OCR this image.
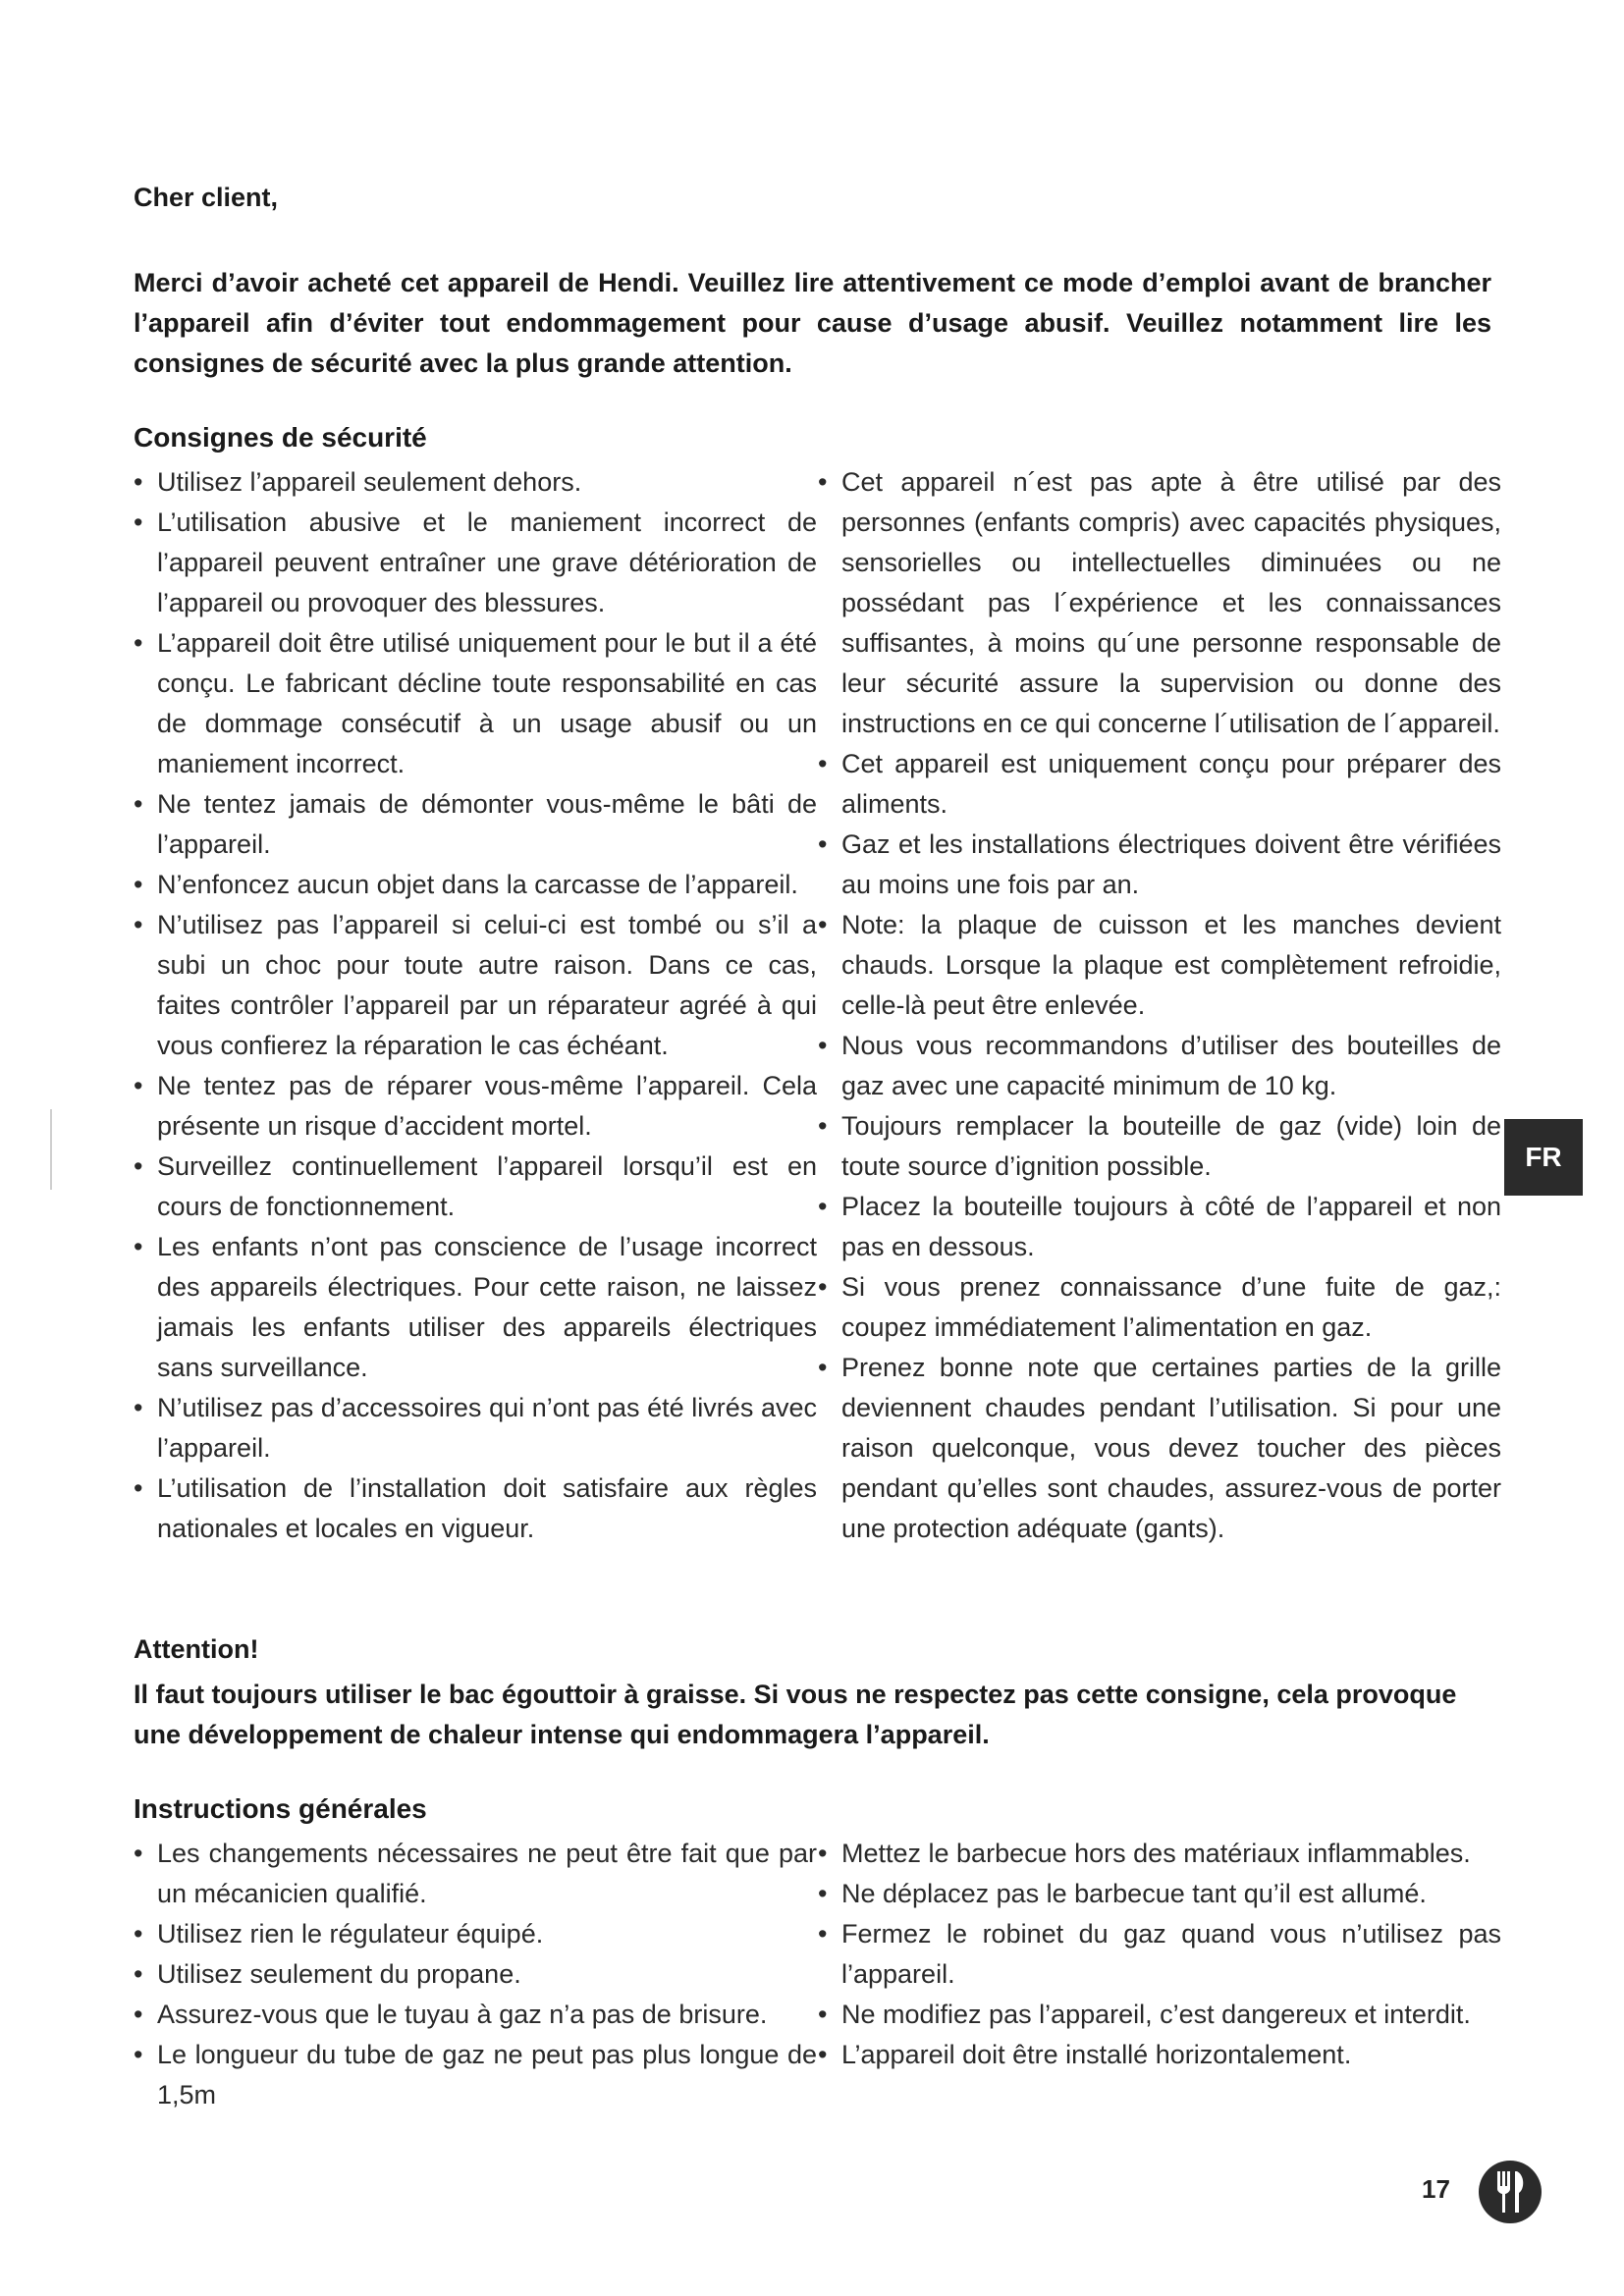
Cher client,

Merci d’avoir acheté cet appareil de Hendi. Veuillez lire attentivement ce mode d’emploi avant de brancher l’appareil afin d’éviter tout endommagement pour cause d’usage abusif. Veuillez notamment lire les consignes de sécurité avec la plus grande attention.

Consignes de sécurité

• Utilisez l’appareil seulement dehors.
• L’utilisation abusive et le maniement incorrect de l’appareil peuvent entraîner une grave détérioration de l’appareil ou provoquer des blessures.
• L’appareil doit être utilisé uniquement pour le but il a été conçu. Le fabricant décline toute responsabilité en cas de dommage consécutif à un usage abusif ou un maniement incorrect.
• Ne tentez jamais de démonter vous-même le bâti de l’appareil.
• N’enfoncez aucun objet dans la carcasse de l’appareil.
• N’utilisez pas l’appareil si celui-ci est tombé ou s’il a subi un choc pour toute autre raison. Dans ce cas, faites contrôler l’appareil par un réparateur agréé à qui vous confierez la réparation le cas échéant.
• Ne tentez pas de réparer vous-même l’appareil. Cela présente un risque d’accident mortel.
• Surveillez continuellement l’appareil lorsqu’il est en cours de fonctionnement.
• Les enfants n’ont pas conscience de l’usage incorrect des appareils électriques. Pour cette raison, ne laissez jamais les enfants utiliser des appareils électriques sans surveillance.
• N’utilisez pas d’accessoires qui n’ont pas été livrés avec l’appareil.
• L’utilisation de l’installation doit satisfaire aux règles nationales et locales en vigueur.
• Cet appareil n´est pas apte à être utilisé par des personnes (enfants compris) avec capacités physiques, sensorielles ou intellectuelles diminuées ou ne possédant pas l´expérience et les connaissances suffisantes, à moins qu´une personne responsable de leur sécurité assure la supervision ou donne des instructions en ce qui concerne l´utilisation de l´appareil.
• Cet appareil est uniquement conçu pour préparer des aliments.
• Gaz et les installations électriques doivent être vérifiées au moins une fois par an.
• Note: la plaque de cuisson et les manches devient chauds. Lorsque la plaque est complètement refroidie, celle-là peut être enlevée.
• Nous vous recommandons d’utiliser des bouteilles de gaz avec une capacité minimum de 10 kg.
• Toujours remplacer la bouteille de gaz (vide) loin de toute source d’ignition possible.
• Placez la bouteille toujours à côté de l’appareil et non pas en dessous.
• Si vous prenez connaissance d’une fuite de gaz,: coupez immédiatement l’alimentation en gaz.
• Prenez bonne note que certaines parties de la grille deviennent chaudes pendant l’utilisation. Si pour une raison quelconque, vous devez toucher des pièces pendant qu’elles sont chaudes, assurez-vous de porter une protection adéquate (gants).

Attention!

Il faut toujours utiliser le bac égouttoir à graisse. Si vous ne respectez pas cette consigne, cela provoque une développement de chaleur intense qui endommagera l’appareil.

Instructions générales

• Les changements nécessaires ne peut être fait que par un mécanicien qualifié.
• Utilisez rien le régulateur équipé.
• Utilisez seulement du propane.
• Assurez-vous que le tuyau à gaz n’a pas de brisure.
• Le longueur du tube de gaz ne peut pas plus longue de 1,5m
• Mettez le barbecue hors des matériaux inflammables.
• Ne déplacez pas le barbecue tant qu’il est allumé.
• Fermez le robinet du gaz quand vous n’utilisez pas l’appareil.
• Ne modifiez pas l’appareil, c’est dangereux et interdit.
• L’appareil doit être installé horizontalement.
FR
17
